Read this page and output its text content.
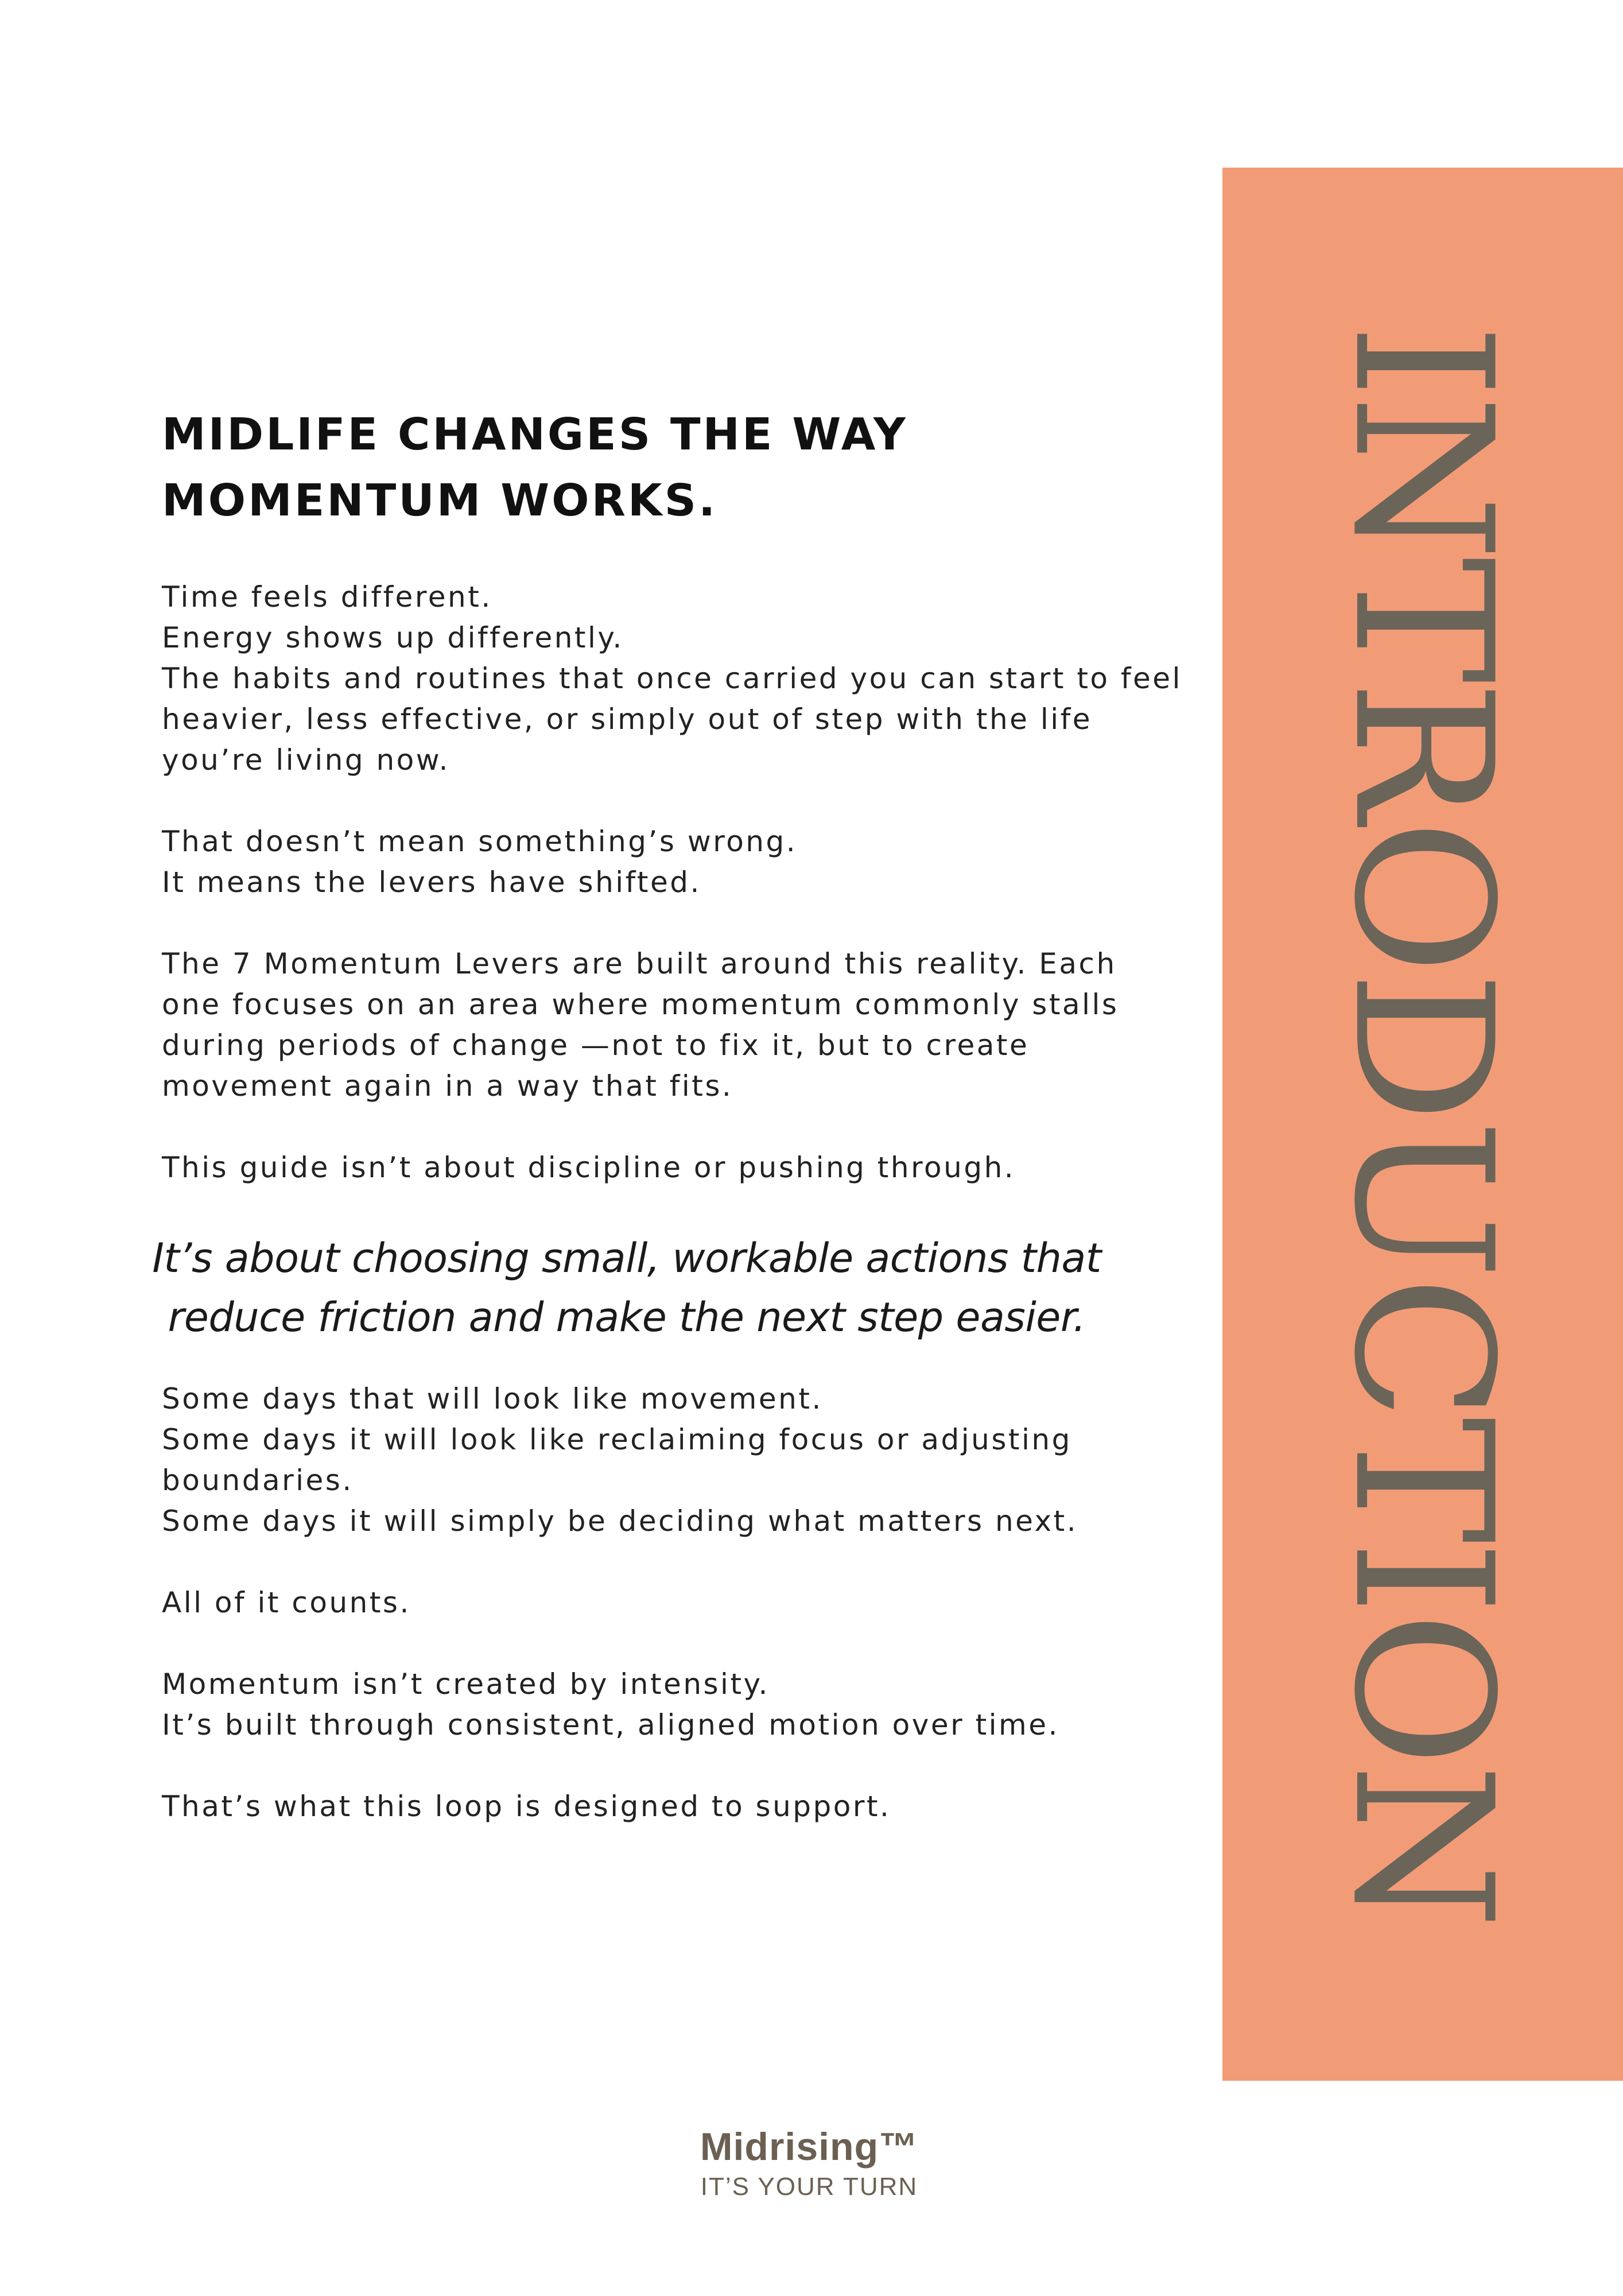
MIDLIFE CHANGES THE WAY
MOMENTUM WORKS.

Time feels different.
Energy shows up differently.
The habits and routines that once carried you can start to feel
heavier, less effective, or simply out of step with the life
you’re living now.

That doesn’t mean something’s wrong.
It means the levers have shifted.

The 7 Momentum Levers are built around this reality. Each
one focuses on an area where momentum commonly stalls
during periods of change —not to fix it, but to create
movement again in a way that fits.

This guide isn’t about discipline or pushing through.

It’s about choosing small, workable actions that
reduce friction and make the next step easier.

Some days that will look like movement.
Some days it will look like reclaiming focus or adjusting
boundaries.
Some days it will simply be deciding what matters next.

All of it counts.

Momentum isn’t created by intensity.
It’s built through consistent, aligned motion over time.

That’s what this loop is designed to support.	INTRODUCTION
Midrising™
IT’S YOUR TURN
